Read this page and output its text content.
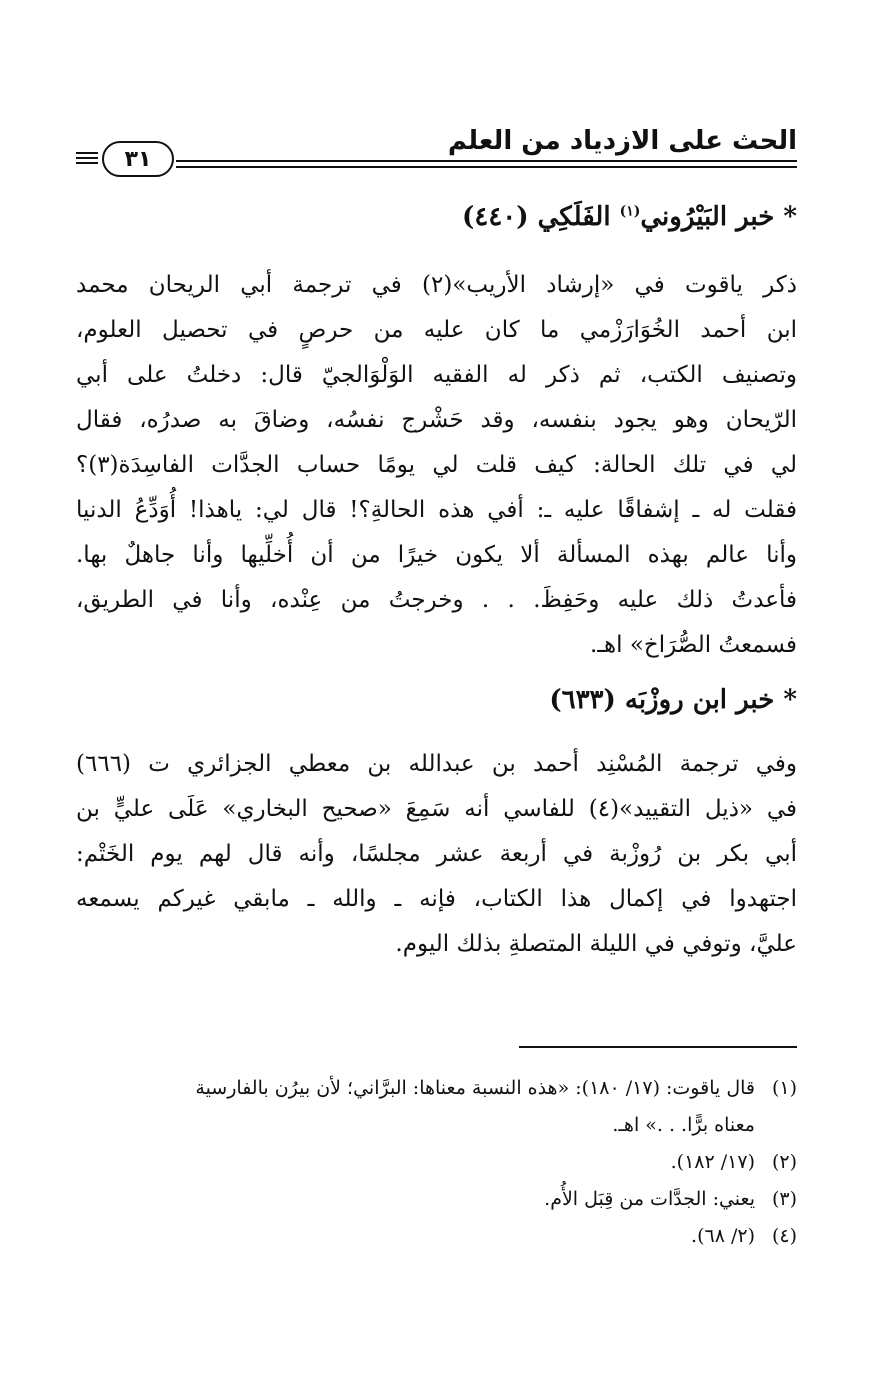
الحث على الازدياد من العلم
٣١
* خبر البَيْرُوني$^{(١)}$ الفَلَكِي (٤٤٠)
ذكر ياقوت في «إرشاد الأريب»(٢) في ترجمة أبي الريحان محمد
ابن أحمد الخُوَارَزْمي ما كان عليه من حرصٍ في تحصيل العلوم،
وتصنيف الكتب، ثم ذكر له الفقيه الوَلْوَالجيّ قال: دخلتُ على أبي
الرّيحان وهو يجود بنفسه، وقد حَشْرج نفسُه، وضاقَ به صدرُه، فقال
لي في تلك الحالة: كيف قلت لي يومًا حساب الجدَّات الفاسِدَة(٣)؟
فقلت له ـ إشفاقًا عليه ـ: أفي هذه الحالةِ؟! قال لي: ياهذا! أُوَدِّعُ الدنيا
وأنا عالم بهذه المسألة ألا يكون خيرًا من أن أُخلِّيها وأنا جاهلٌ بها.
فأعدتُ ذلك عليه وحَفِظَ. . . وخرجتُ من عِنْده، وأنا في الطريق،
فسمعتُ الصُّرَاخ» اهـ.
* خبر ابن روزْبَه (٦٣٣)
وفي ترجمة المُسْنِد أحمد بن عبدالله بن معطي الجزائري ت (٦٦٦)
في «ذيل التقييد»(٤) للفاسي أنه سَمِعَ «صحيح البخاري» عَلَى عليٍّ بن
أبي بكر بن رُوزْبة في أربعة عشر مجلسًا، وأنه قال لهم يوم الخَتْم:
اجتهدوا في إكمال هذا الكتاب، فإنه ـ والله ـ مابقي غيركم يسمعه
عليَّ، وتوفي في الليلة المتصلةِ بذلك اليوم.
(١)قال ياقوت: (١٧/ ١٨٠): «هذه النسبة معناها: البرَّاني؛ لأن بيرُن بالفارسية
معناه برًّا. . .» اهـ.
(٢)(١٧/ ١٨٢).
(٣)يعني: الجدَّات من قِبَل الأُم.
(٤)(٢/ ٦٨).
